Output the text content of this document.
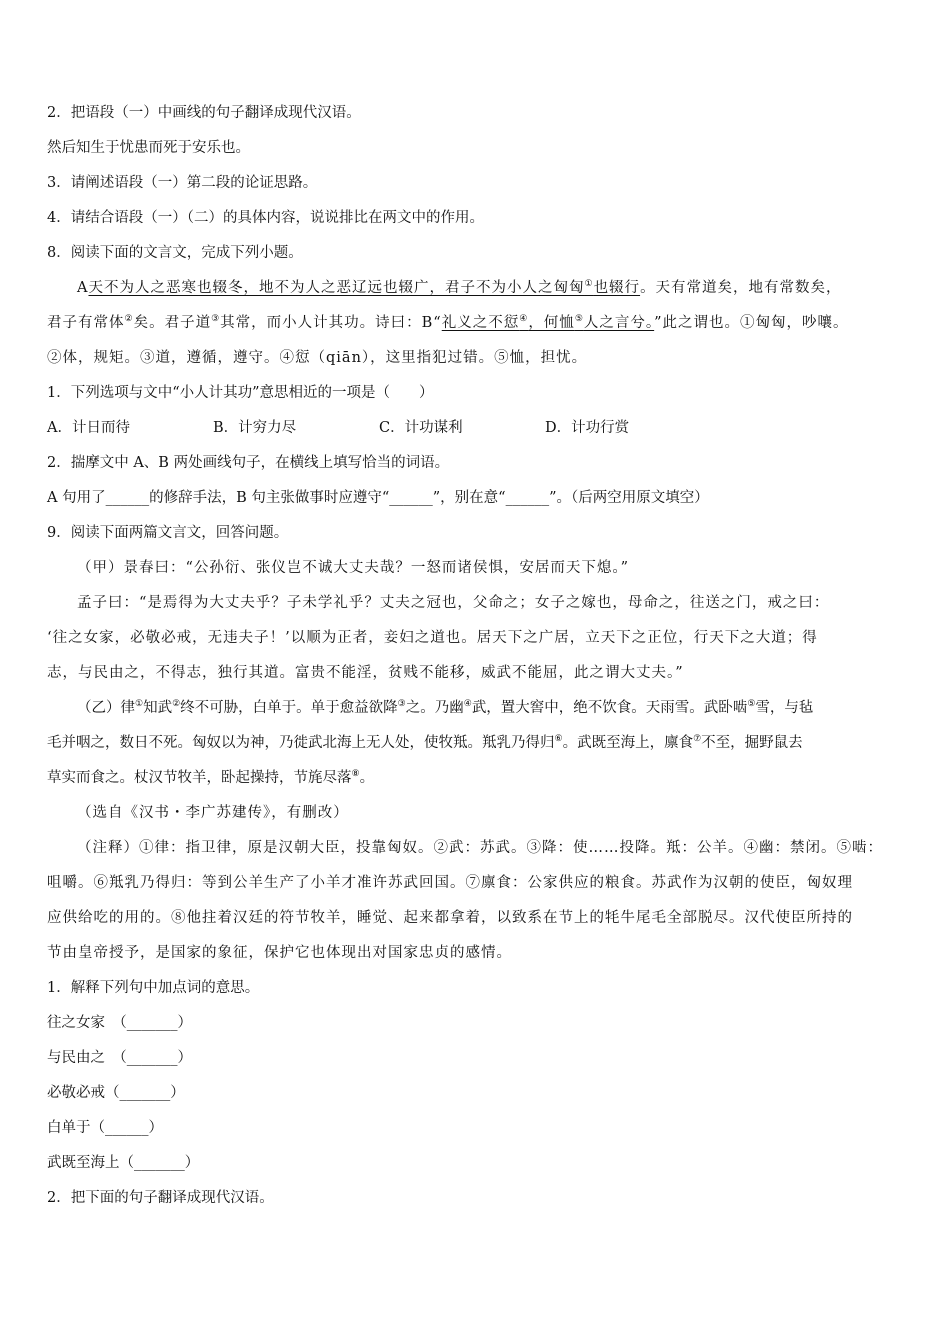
2．把语段（一）中画线的句子翻译成现代汉语。
然后知生于忧患而死于安乐也。
3．请阐述语段（一）第二段的论证思路。
4．请结合语段（一）（二）的具体内容，说说排比在两文中的作用。
8．阅读下面的文言文，完成下列小题。
A天不为人之恶寒也辍冬，地不为人之恶辽远也辍广，君子不为小人之匈匈①也辍行。天有常道矣，地有常数矣，
君子有常体②矣。君子道③其常，而小人计其功。诗曰：B“礼义之不愆④，何恤⑤人之言兮。”此之谓也。①匈匈，吵嚷。
②体，规矩。③道，遵循，遵守。④愆（qiān），这里指犯过错。⑤恤，担忧。
1．下列选项与文中“小人计其功”意思相近的一项是（　　）
A．计日而待	B．计穷力尽	C．计功谋利	D．计功行赏
2．揣摩文中 A、B 两处画线句子，在横线上填写恰当的词语。
A 句用了______的修辞手法，B 句主张做事时应遵守“______”，别在意“______”。（后两空用原文填空）
9．阅读下面两篇文言文，回答问题。
（甲）景春曰：“公孙衍、张仪岂不诚大丈夫哉？一怒而诸侯惧，安居而天下熄。”
孟子曰：“是焉得为大丈夫乎？子未学礼乎？丈夫之冠也，父命之；女子之嫁也，母命之，往送之门，戒之曰：
‘往之女家，必敬必戒，无违夫子！’以顺为正者，妾妇之道也。居天下之广居，立天下之正位，行天下之大道；得
志，与民由之，不得志，独行其道。富贵不能淫，贫贱不能移，威武不能屈，此之谓大丈夫。”
（乙）律①知武②终不可胁，白单于。单于愈益欲降③之。乃幽④武，置大窖中，绝不饮食。天雨雪。武卧啮⑤雪，与毡
毛并咽之，数日不死。匈奴以为神，乃徙武北海上无人处，使牧羝。羝乳乃得归⑥。武既至海上，廪食⑦不至，掘野鼠去
草实而食之。杖汉节牧羊，卧起操持，节旄尽落⑧。
（选自《汉书・李广苏建传》，有删改）
（注释）①律：指卫律，原是汉朝大臣，投靠匈奴。②武：苏武。③降：使……投降。羝：公羊。④幽：禁闭。⑤啮：
咀嚼。⑥羝乳乃得归：等到公羊生产了小羊才准许苏武回国。⑦廪食：公家供应的粮食。苏武作为汉朝的使臣，匈奴理
应供给吃的用的。⑧他拄着汉廷的符节牧羊，睡觉、起来都拿着，以致系在节上的牦牛尾毛全部脱尽。汉代使臣所持的
节由皇帝授予，是国家的象征，保护它也体现出对国家忠贞的感情。
1．解释下列句中加点词的意思。
往之女家　（_______）
与民由之　（_______）
必敬必戒（_______）
白单于（______）
武既至海上（_______）
2．把下面的句子翻译成现代汉语。
